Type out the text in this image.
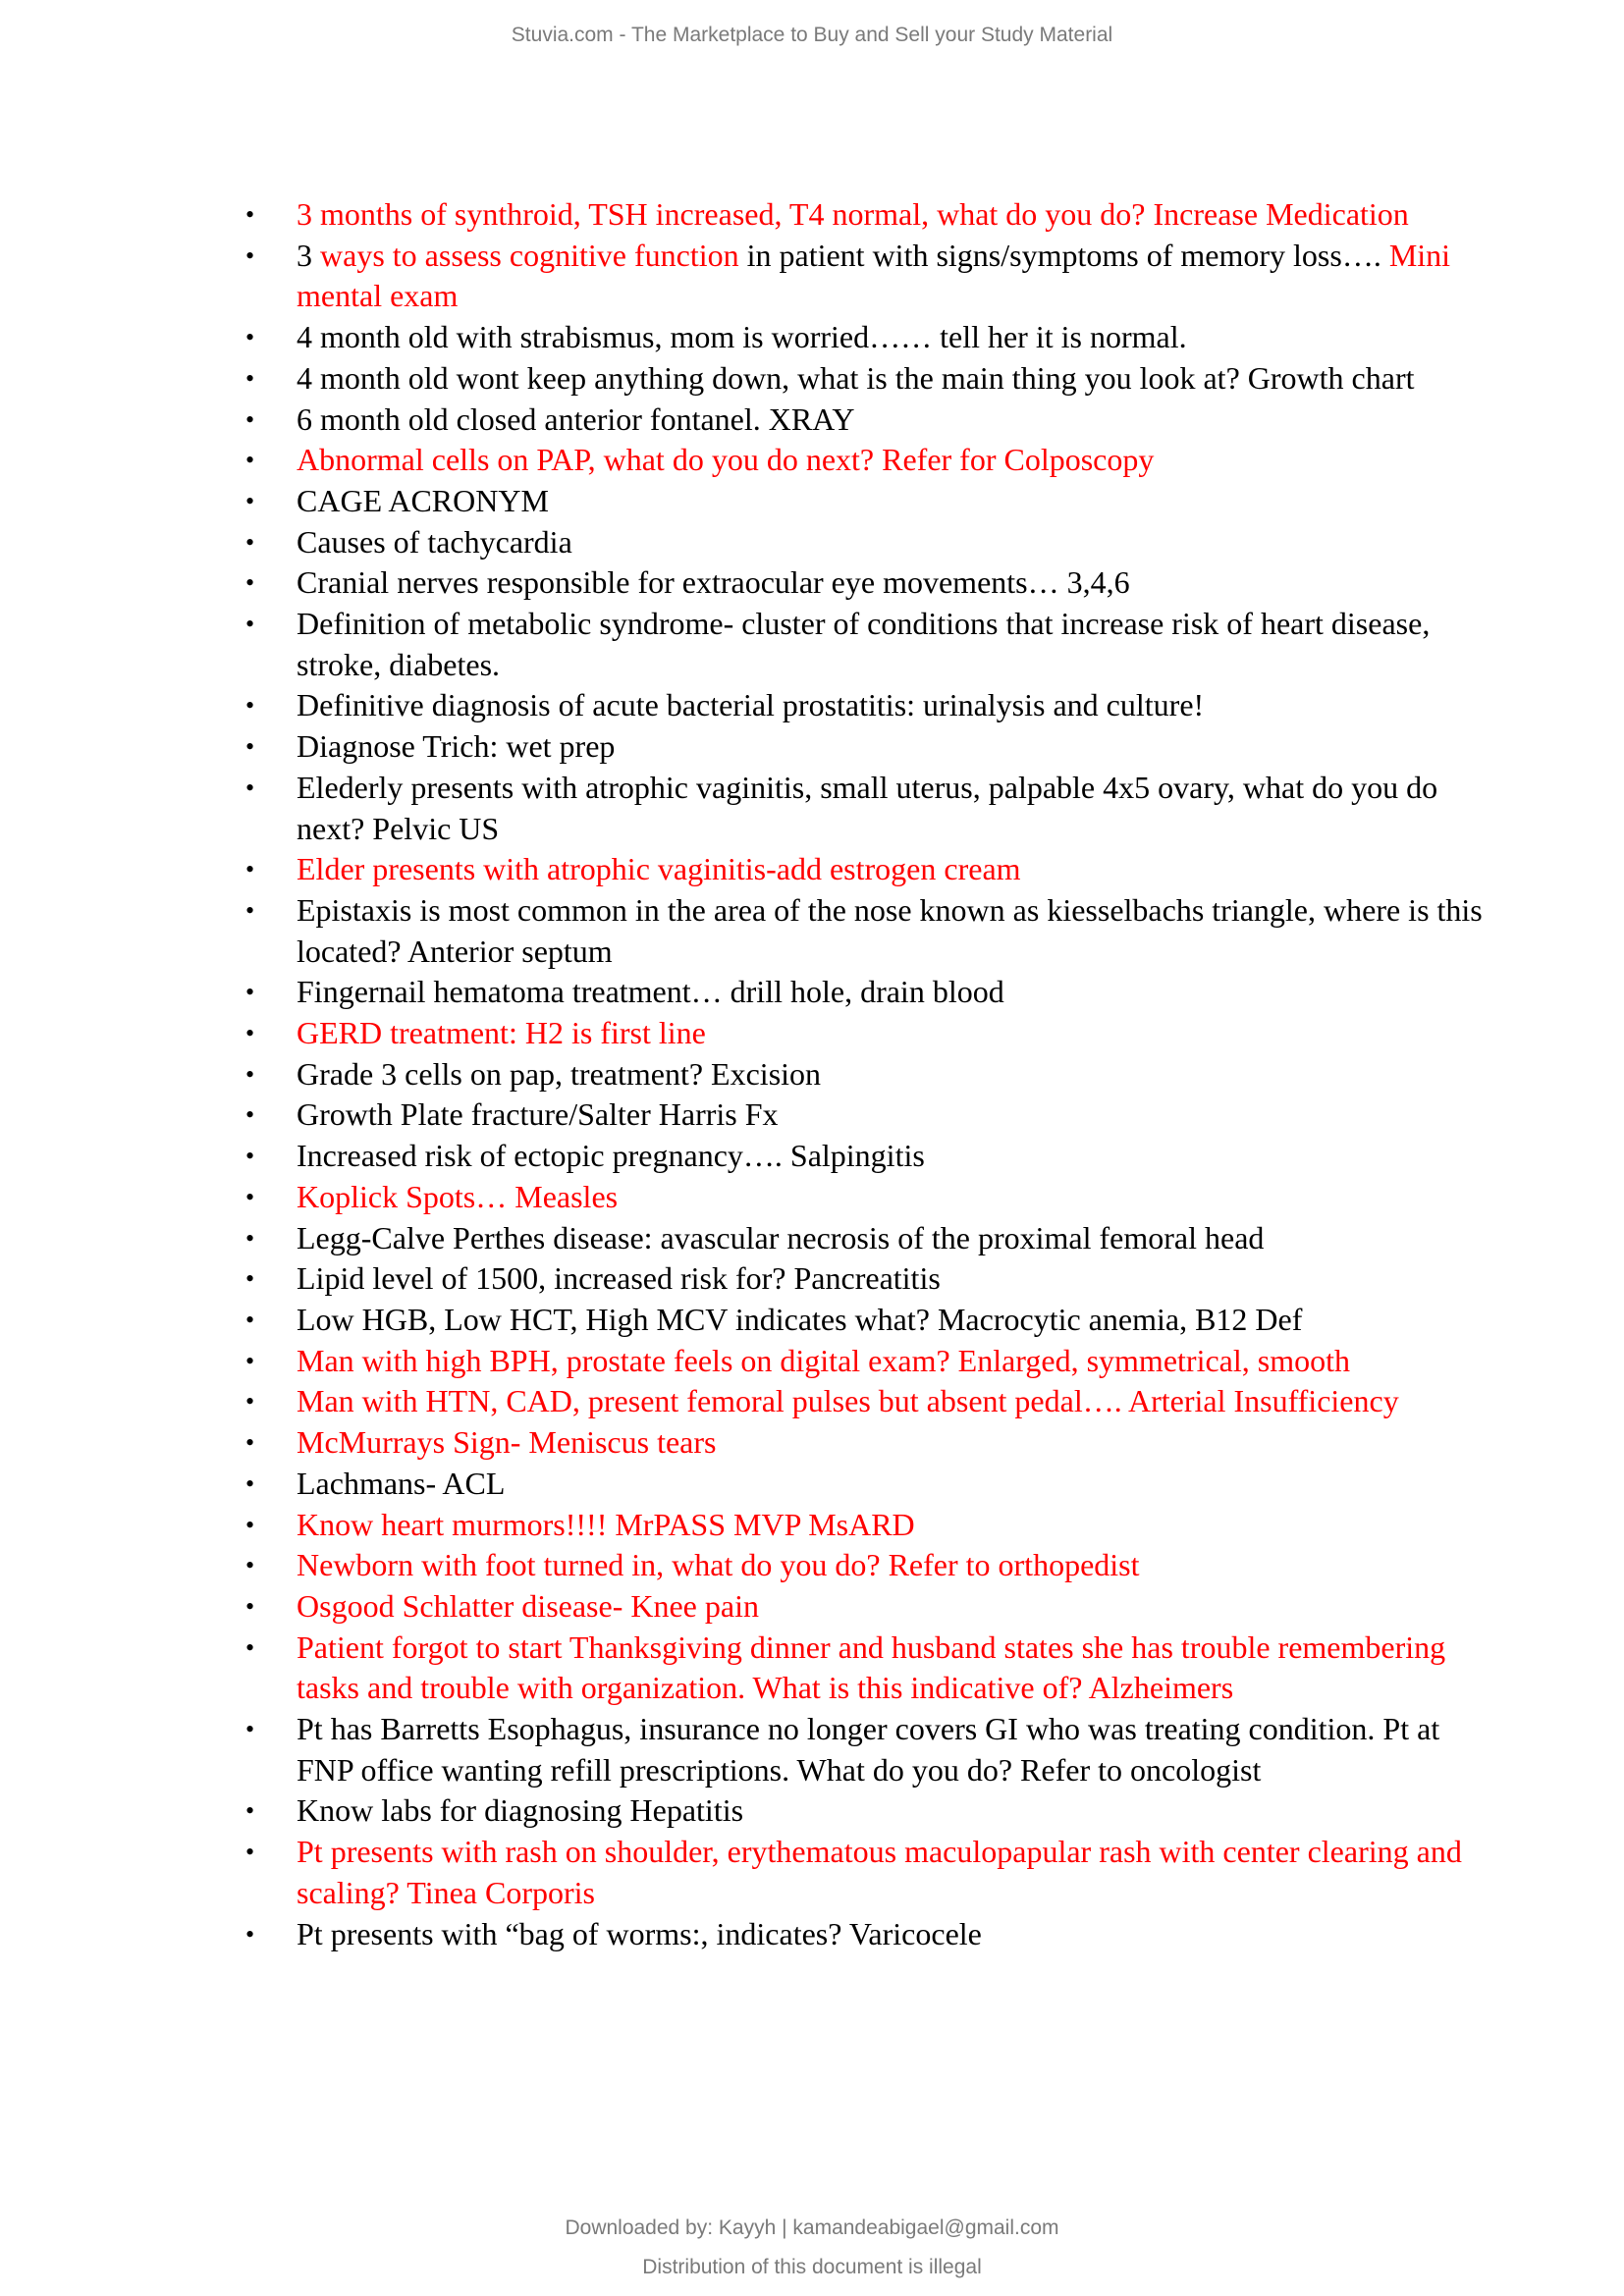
Stuvia.com - The Marketplace to Buy and Sell your Study Material
• 3 months of synthroid, TSH increased, T4 normal, what do you do? Increase Medication
• 3 ways to assess cognitive function in patient with signs/symptoms of memory loss…. Mini mental exam
• 4 month old with strabismus, mom is worried…… tell her it is normal.
• 4 month old wont keep anything down, what is the main thing you look at? Growth chart
• 6 month old closed anterior fontanel. XRAY
• Abnormal cells on PAP, what do you do next? Refer for Colposcopy
• CAGE ACRONYM
• Causes of tachycardia
• Cranial nerves responsible for extraocular eye movements… 3,4,6
• Definition of metabolic syndrome- cluster of conditions that increase risk of heart disease, stroke, diabetes.
• Definitive diagnosis of acute bacterial prostatitis: urinalysis and culture!
• Diagnose Trich: wet prep
• Elederly presents with atrophic vaginitis, small uterus, palpable 4x5 ovary, what do you do next? Pelvic US
• Elder presents with atrophic vaginitis-add estrogen cream
• Epistaxis is most common in the area of the nose known as kiesselbachs triangle, where is this located? Anterior septum
• Fingernail hematoma treatment… drill hole, drain blood
• GERD treatment: H2 is first line
• Grade 3 cells on pap, treatment? Excision
• Growth Plate fracture/Salter Harris Fx
• Increased risk of ectopic pregnancy…. Salpingitis
• Koplick Spots… Measles
• Legg-Calve Perthes disease: avascular necrosis of the proximal femoral head
• Lipid level of 1500, increased risk for? Pancreatitis
• Low HGB, Low HCT, High MCV indicates what? Macrocytic anemia, B12 Def
• Man with high BPH, prostate feels on digital exam? Enlarged, symmetrical, smooth
• Man with HTN, CAD, present femoral pulses but absent pedal…. Arterial Insufficiency
• McMurrays Sign- Meniscus tears
• Lachmans- ACL
• Know heart murmors!!!! MrPASS MVP MsARD
• Newborn with foot turned in, what do you do? Refer to orthopedist
• Osgood Schlatter disease- Knee pain
• Patient forgot to start Thanksgiving dinner and husband states she has trouble remembering tasks and trouble with organization. What is this indicative of? Alzheimers
• Pt has Barretts Esophagus, insurance no longer covers GI who was treating condition. Pt at FNP office wanting refill prescriptions. What do you do? Refer to oncologist
• Know labs for diagnosing Hepatitis
• Pt presents with rash on shoulder, erythematous maculopapular rash with center clearing and scaling? Tinea Corporis
• Pt presents with “bag of worms:, indicates? Varicocele
Downloaded by: Kayyh | kamandeabigael@gmail.com
Distribution of this document is illegal
